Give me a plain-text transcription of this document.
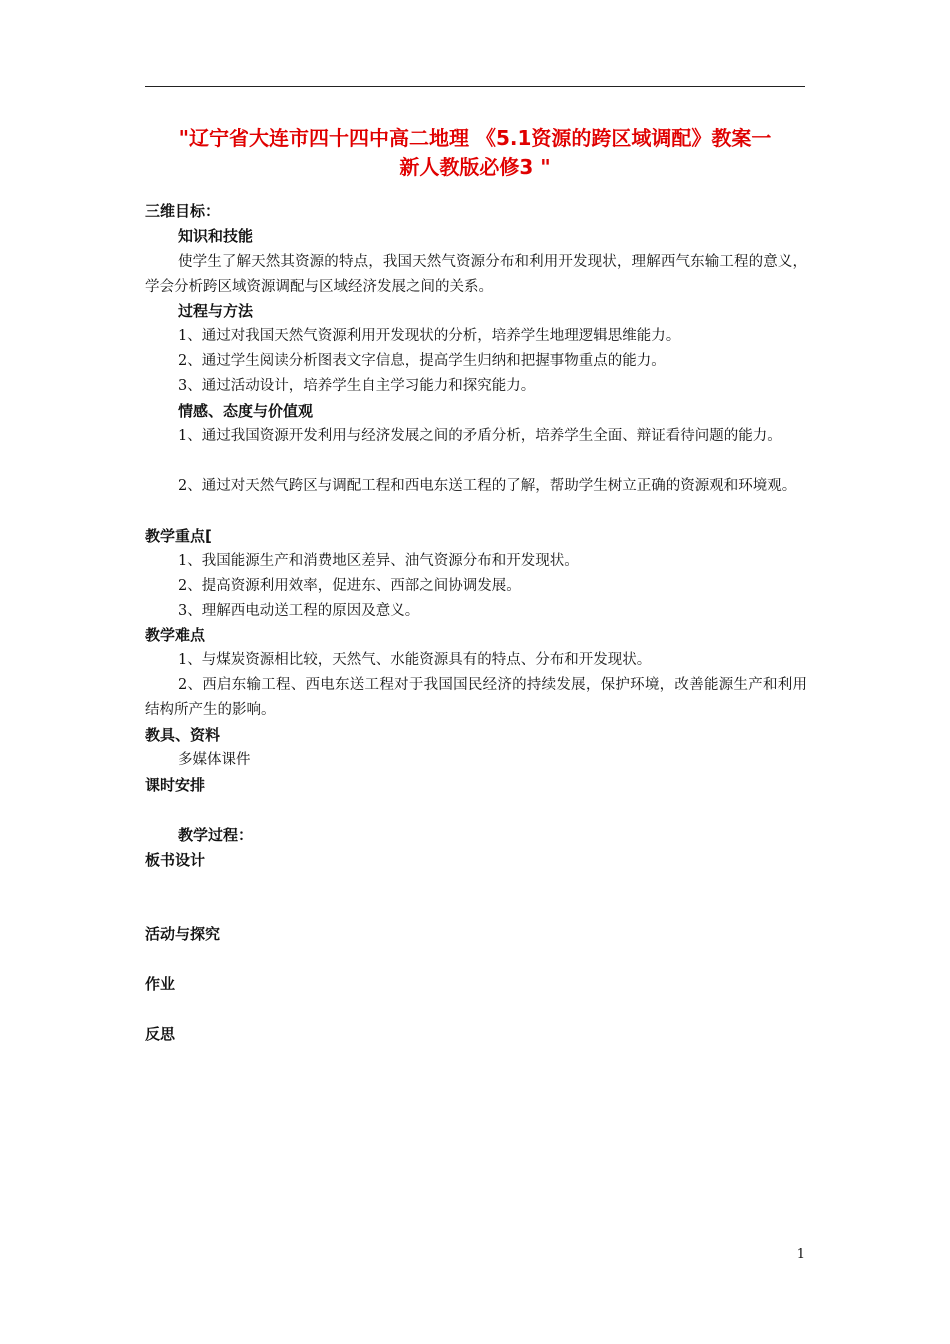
"辽宁省大连市四十四中高二地理 《5.1资源的跨区域调配》教案一
新人教版必修3 "
三维目标：
知识和技能
使学生了解天然其资源的特点，我国天然气资源分布和利用开发现状，理解西气东输工程的意义，学会分析跨区域资源调配与区域经济发展之间的关系。
过程与方法
1、通过对我国天然气资源利用开发现状的分析，培养学生地理逻辑思维能力。
2、通过学生阅读分析图表文字信息，提高学生归纳和把握事物重点的能力。
3、通过活动设计，培养学生自主学习能力和探究能力。
情感、态度与价值观
1、通过我国资源开发利用与经济发展之间的矛盾分析，培养学生全面、辩证看待问题的能力。
2、通过对天然气跨区与调配工程和西电东送工程的了解，帮助学生树立正确的资源观和环境观。
教学重点[
1、我国能源生产和消费地区差异、油气资源分布和开发现状。
2、提高资源利用效率，促进东、西部之间协调发展。
3、理解西电动送工程的原因及意义。
教学难点
1、与煤炭资源相比较，天然气、水能资源具有的特点、分布和开发现状。
2、西启东输工程、西电东送工程对于我国国民经济的持续发展，保护环境，改善能源生产和利用结构所产生的影响。
教具、资料
多媒体课件
课时安排
教学过程：
板书设计
活动与探究
作业
反思
1
